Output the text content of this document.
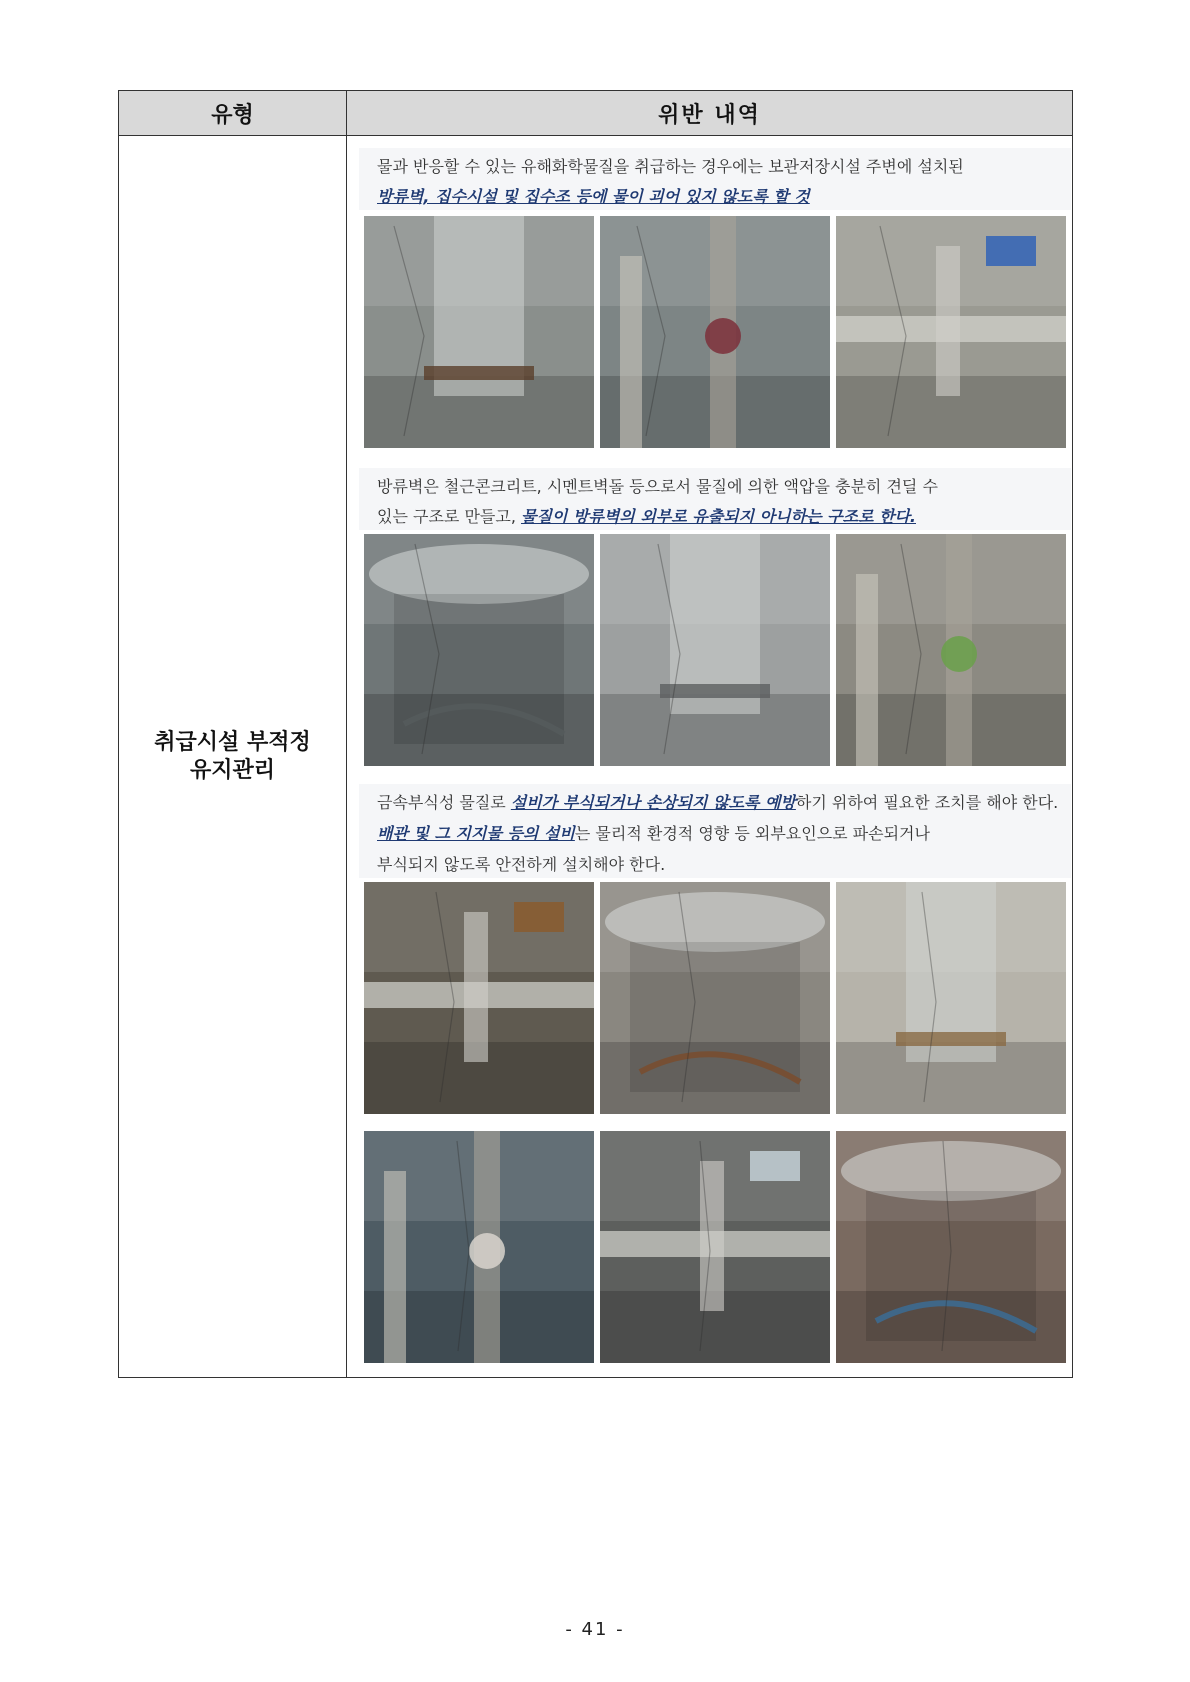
유형	위반 내역
취급시설 부적정
유지관리
물과 반응할 수 있는 유해화학물질을 취급하는 경우에는 보관저장시설 주변에 설치된
방류벽, 집수시설 및 집수조 등에 물이 괴어 있지 않도록 할 것
방류벽은 철근콘크리트, 시멘트벽돌 등으로서 물질에 의한 액압을 충분히 견딜 수
있는 구조로 만들고, 물질이 방류벽의 외부로 유출되지 아니하는 구조로 한다.
금속부식성 물질로 설비가 부식되거나 손상되지 않도록 예방하기 위하여 필요한 조치를 해야 한다.
배관 및 그 지지물 등의 설비는 물리적 환경적 영향 등 외부요인으로 파손되거나
부식되지 않도록 안전하게 설치해야 한다.
- 41 -
